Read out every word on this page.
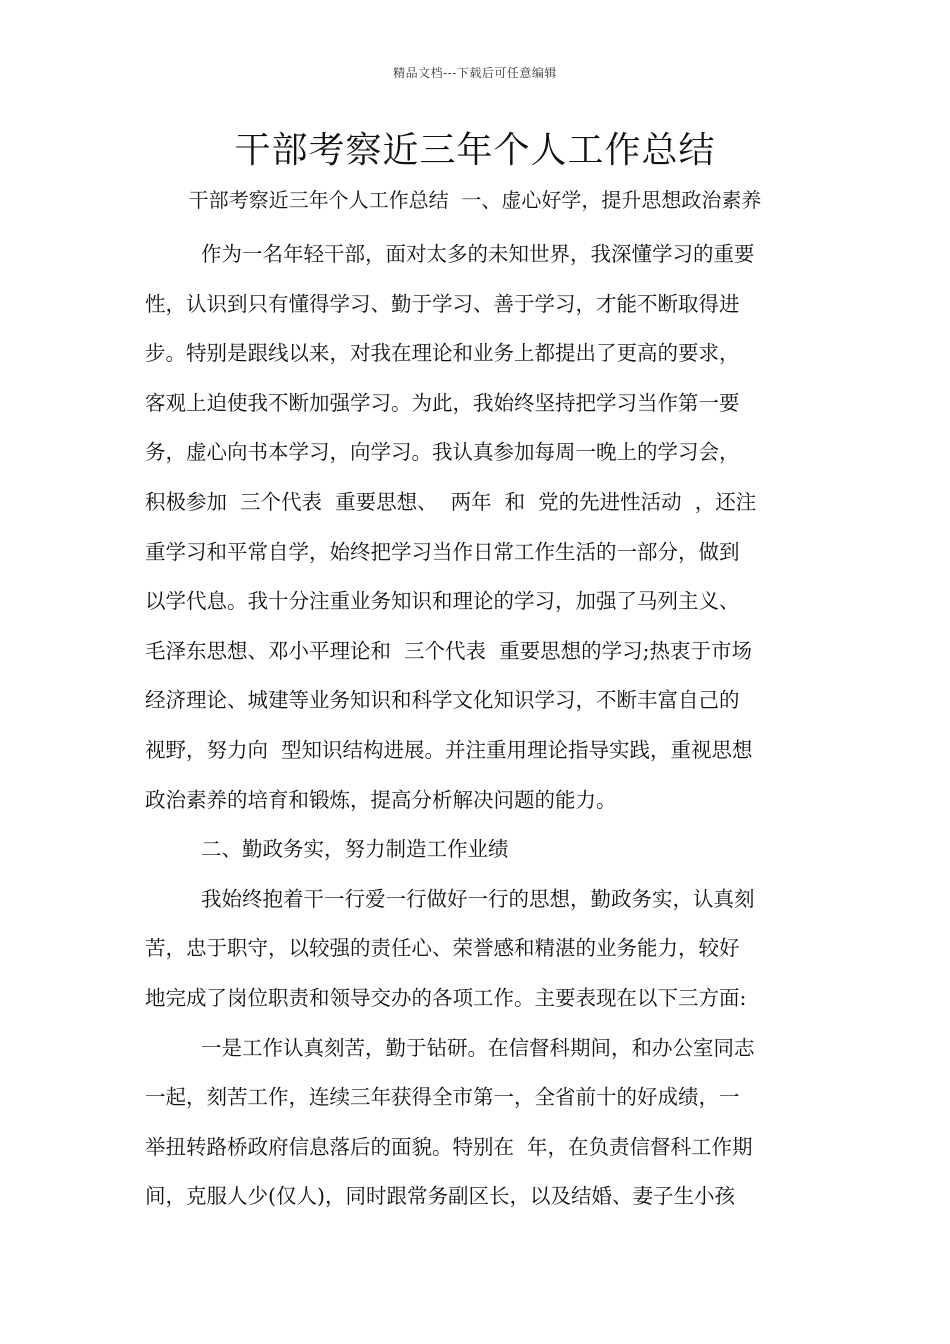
精品文档---下载后可任意编辑
干部考察近三年个人工作总结
干部考察近三年个人工作总结  一、虚心好学，提升思想政治素养
作为一名年轻干部，面对太多的未知世界，我深懂学习的重要
性，认识到只有懂得学习、勤于学习、善于学习，才能不断取得进
步。特别是跟线以来，对我在理论和业务上都提出了更高的要求，
客观上迫使我不断加强学习。为此，我始终坚持把学习当作第一要
务，虚心向书本学习，向学习。我认真参加每周一晚上的学习会，
积极参加  三个代表  重要思想、  两年  和  党的先进性活动  ，还注
重学习和平常自学，始终把学习当作日常工作生活的一部分，做到
以学代息。我十分注重业务知识和理论的学习，加强了马列主义、
毛泽东思想、邓小平理论和  三个代表  重要思想的学习;热衷于市场
经济理论、城建等业务知识和科学文化知识学习，不断丰富自己的
视野，努力向  型知识结构进展。并注重用理论指导实践，重视思想
政治素养的培育和锻炼，提高分析解决问题的能力。
二、勤政务实，努力制造工作业绩
我始终抱着干一行爱一行做好一行的思想，勤政务实，认真刻
苦，忠于职守，以较强的责任心、荣誉感和精湛的业务能力，较好
地完成了岗位职责和领导交办的各项工作。主要表现在以下三方面:
一是工作认真刻苦，勤于钻研。在信督科期间，和办公室同志
一起，刻苦工作，连续三年获得全市第一，全省前十的好成绩，一
举扭转路桥政府信息落后的面貌。特别在  年，在负责信督科工作期
间，克服人少(仅人)，同时跟常务副区长，以及结婚、妻子生小孩
